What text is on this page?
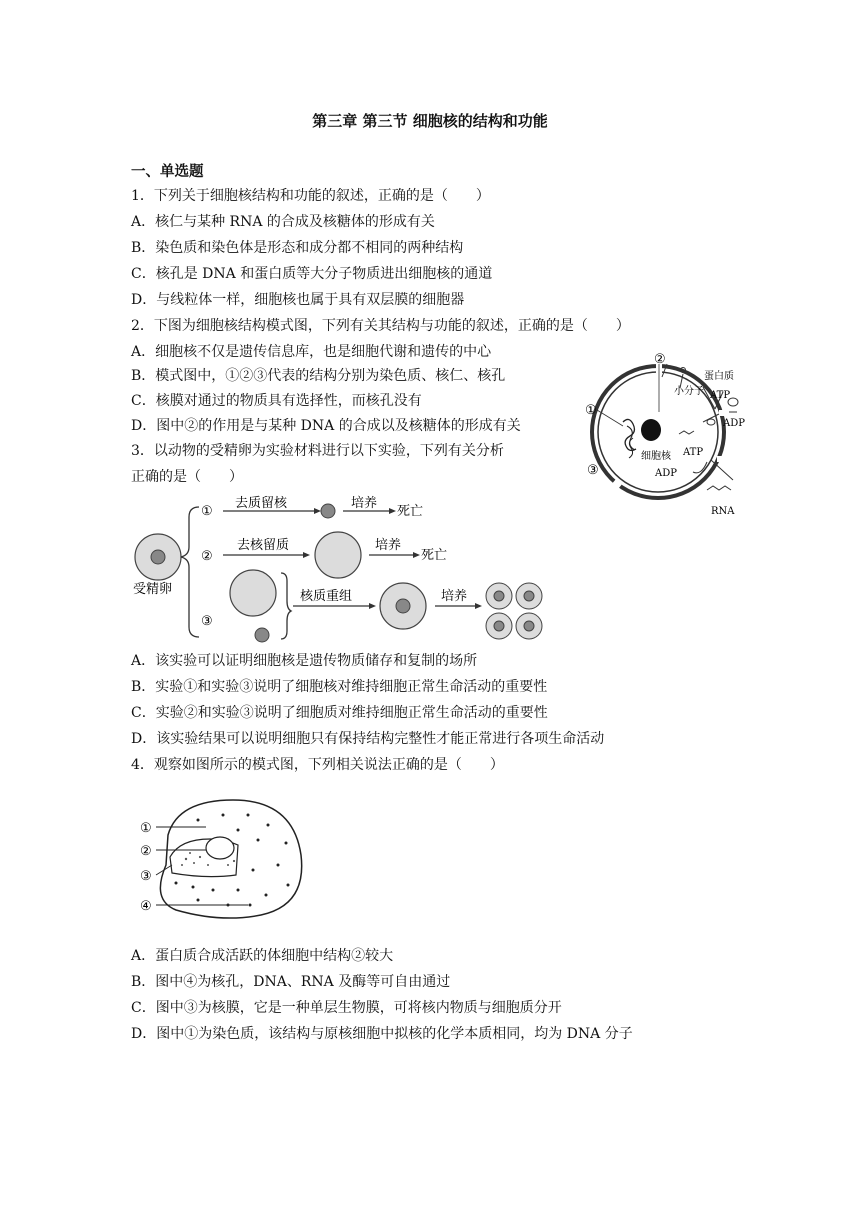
第三章 第三节 细胞核的结构和功能
一、单选题
1．下列关于细胞核结构和功能的叙述，正确的是（　　）
A．核仁与某种 RNA 的合成及核糖体的形成有关
B．染色质和染色体是形态和成分都不相同的两种结构
C．核孔是 DNA 和蛋白质等大分子物质进出细胞核的通道
D．与线粒体一样，细胞核也属于具有双层膜的细胞器
2．下图为细胞核结构模式图，下列有关其结构与功能的叙述，正确的是（　　）
A．细胞核不仅是遗传信息库，也是细胞代谢和遗传的中心
B．模式图中，①②③代表的结构分别为染色质、核仁、核孔
C．核膜对通过的物质具有选择性，而核孔没有
D．图中②的作用是与某种 DNA 的合成以及核糖体的形成有关
②
①
③
蛋白质
小分子 ATP
ADP
ATP
细胞核
ADP
RNA
3．以动物的受精卵为实验材料进行以下实验，下列有关分析
正确的是（　　）
受精卵
①
去质留核	培养
死亡
②
去核留质	培养
死亡
③
核质重组	培养
A．该实验可以证明细胞核是遗传物质储存和复制的场所
B．实验①和实验③说明了细胞核对维持细胞正常生命活动的重要性
C．实验②和实验③说明了细胞质对维持细胞正常生命活动的重要性
D．该实验结果可以说明细胞只有保持结构完整性才能正常进行各项生命活动
4．观察如图所示的模式图，下列相关说法正确的是（　　）
①
②
③
④
A．蛋白质合成活跃的体细胞中结构②较大
B．图中④为核孔，DNA、RNA 及酶等可自由通过
C．图中③为核膜，它是一种单层生物膜，可将核内物质与细胞质分开
D．图中①为染色质，该结构与原核细胞中拟核的化学本质相同，均为 DNA 分子
